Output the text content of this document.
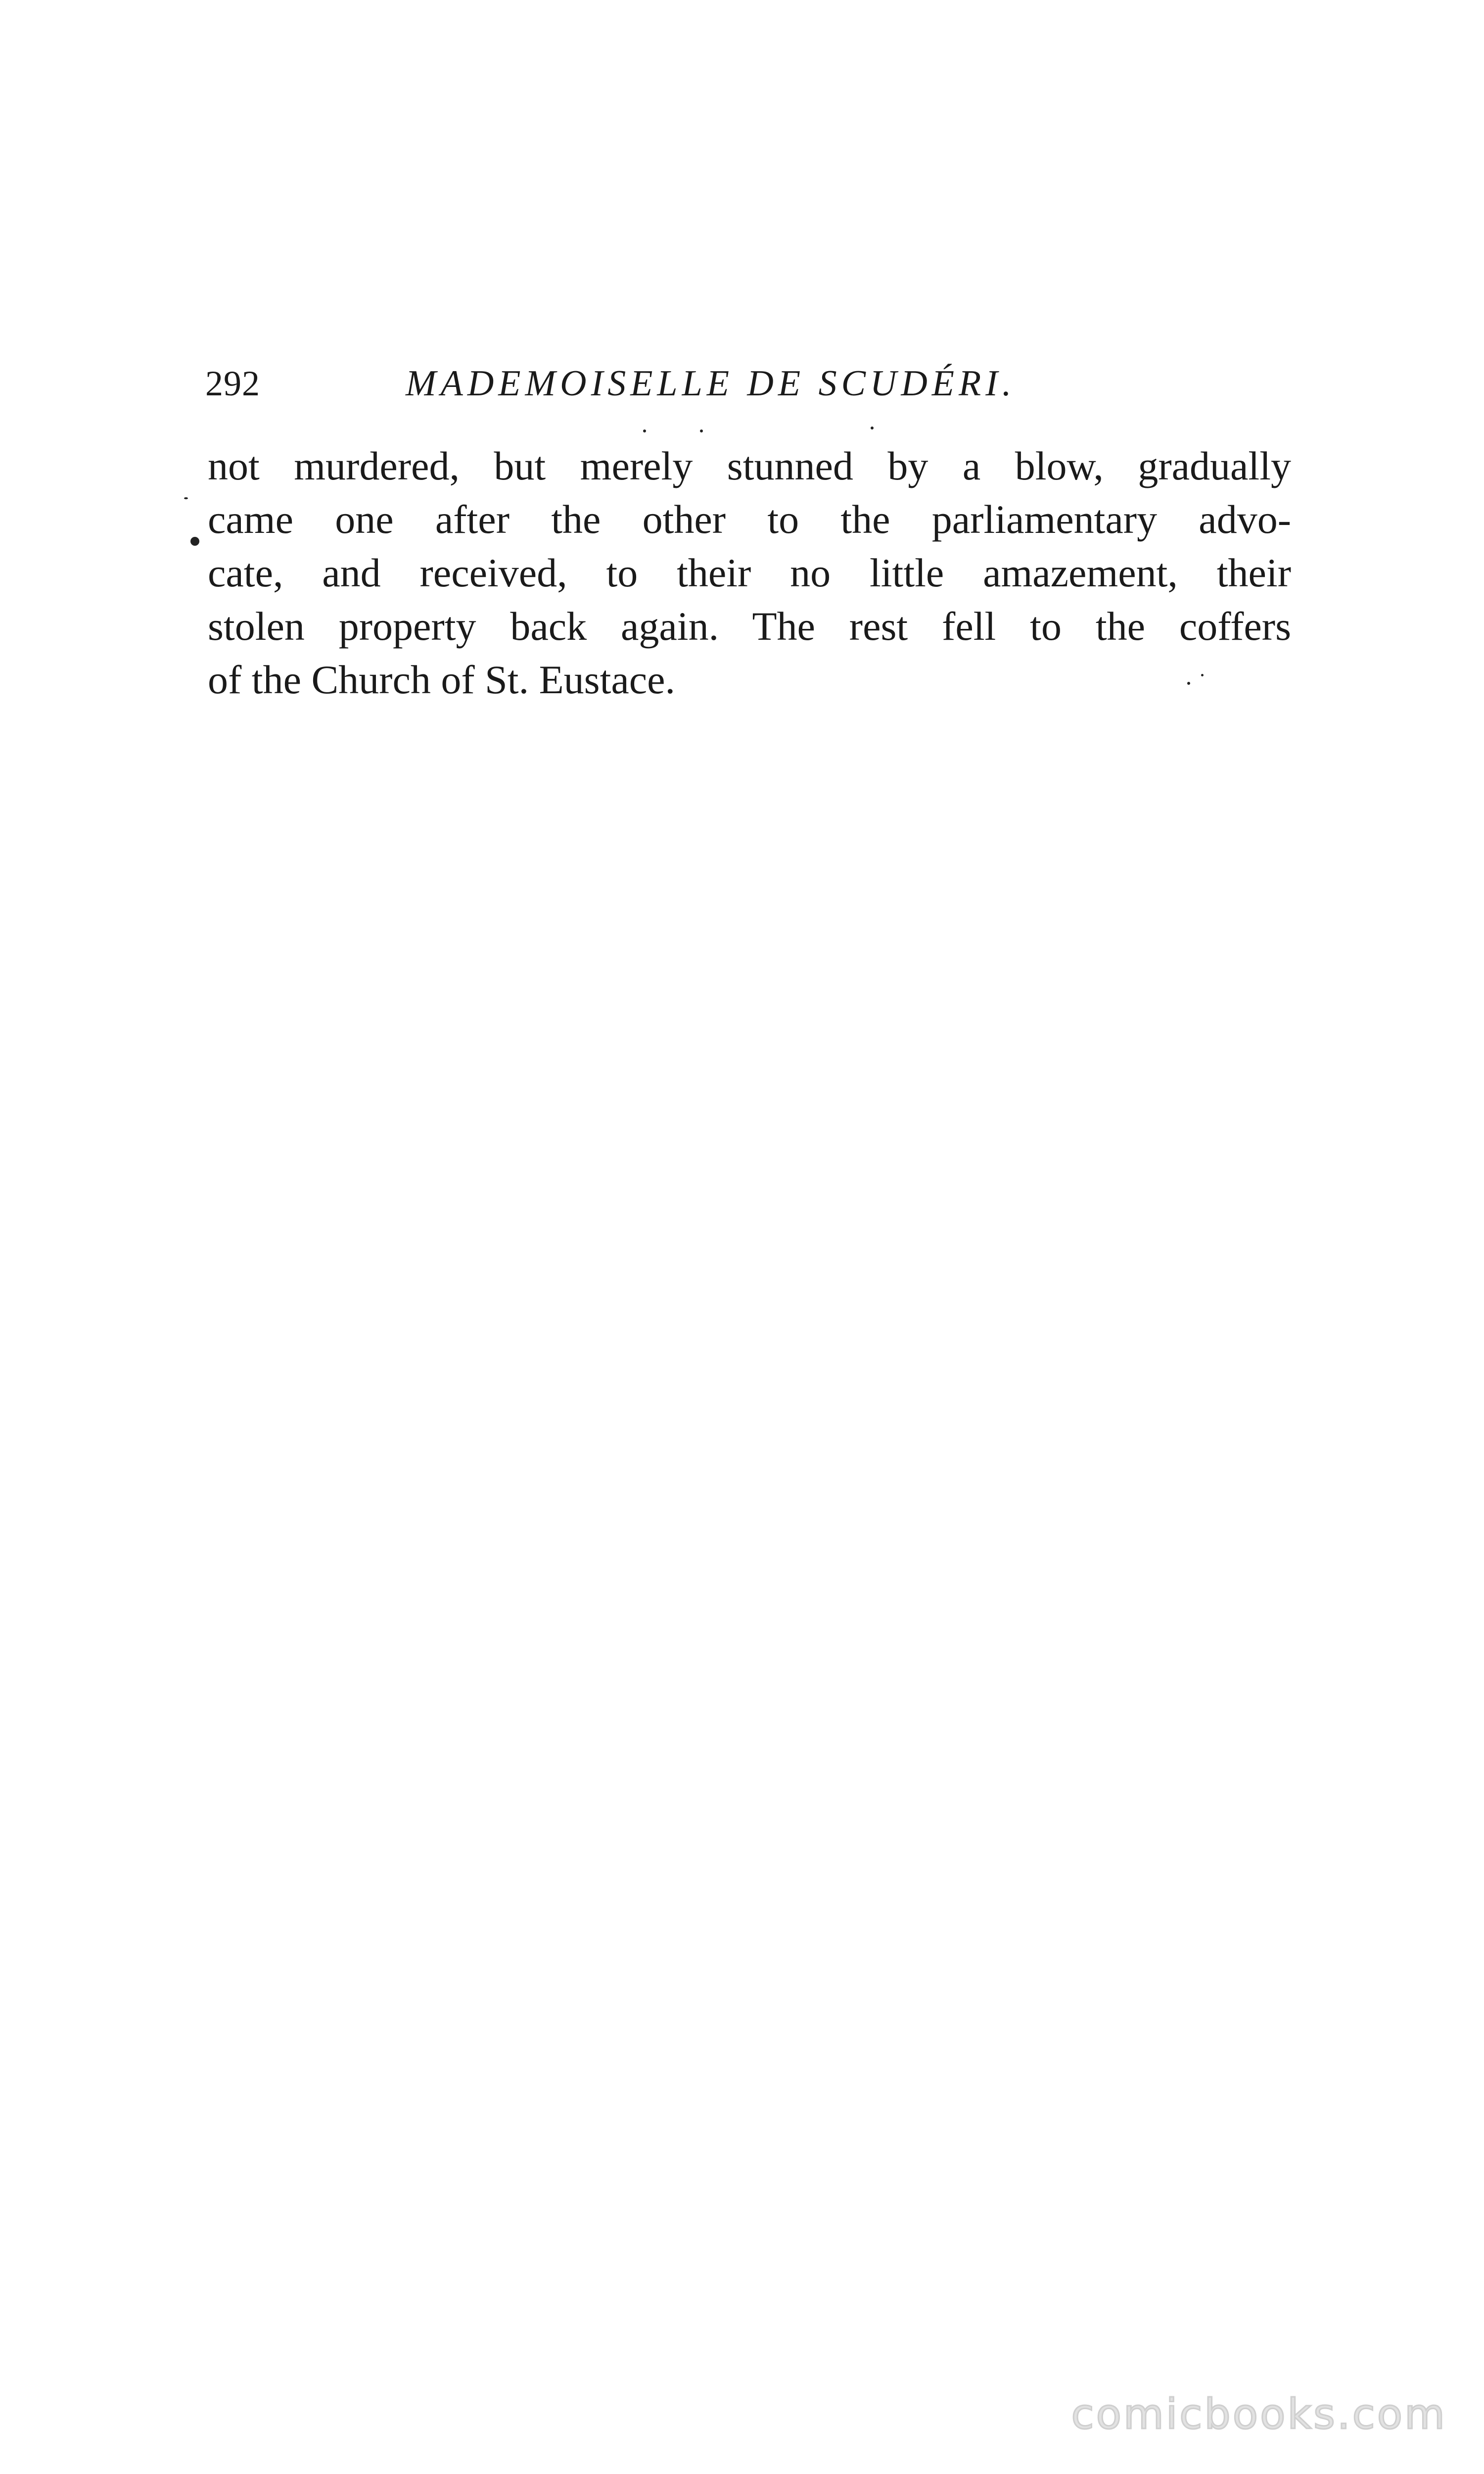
292	MADEMOISELLE DE SCUDÉRI.
not murdered, but merely stunned by a blow, gradually
came one after the other to the parliamentary advo-
cate, and received, to their no little amazement, their
stolen property back again. The rest fell to the coffers
of the Church of St. Eustace.
comicbooks.com
